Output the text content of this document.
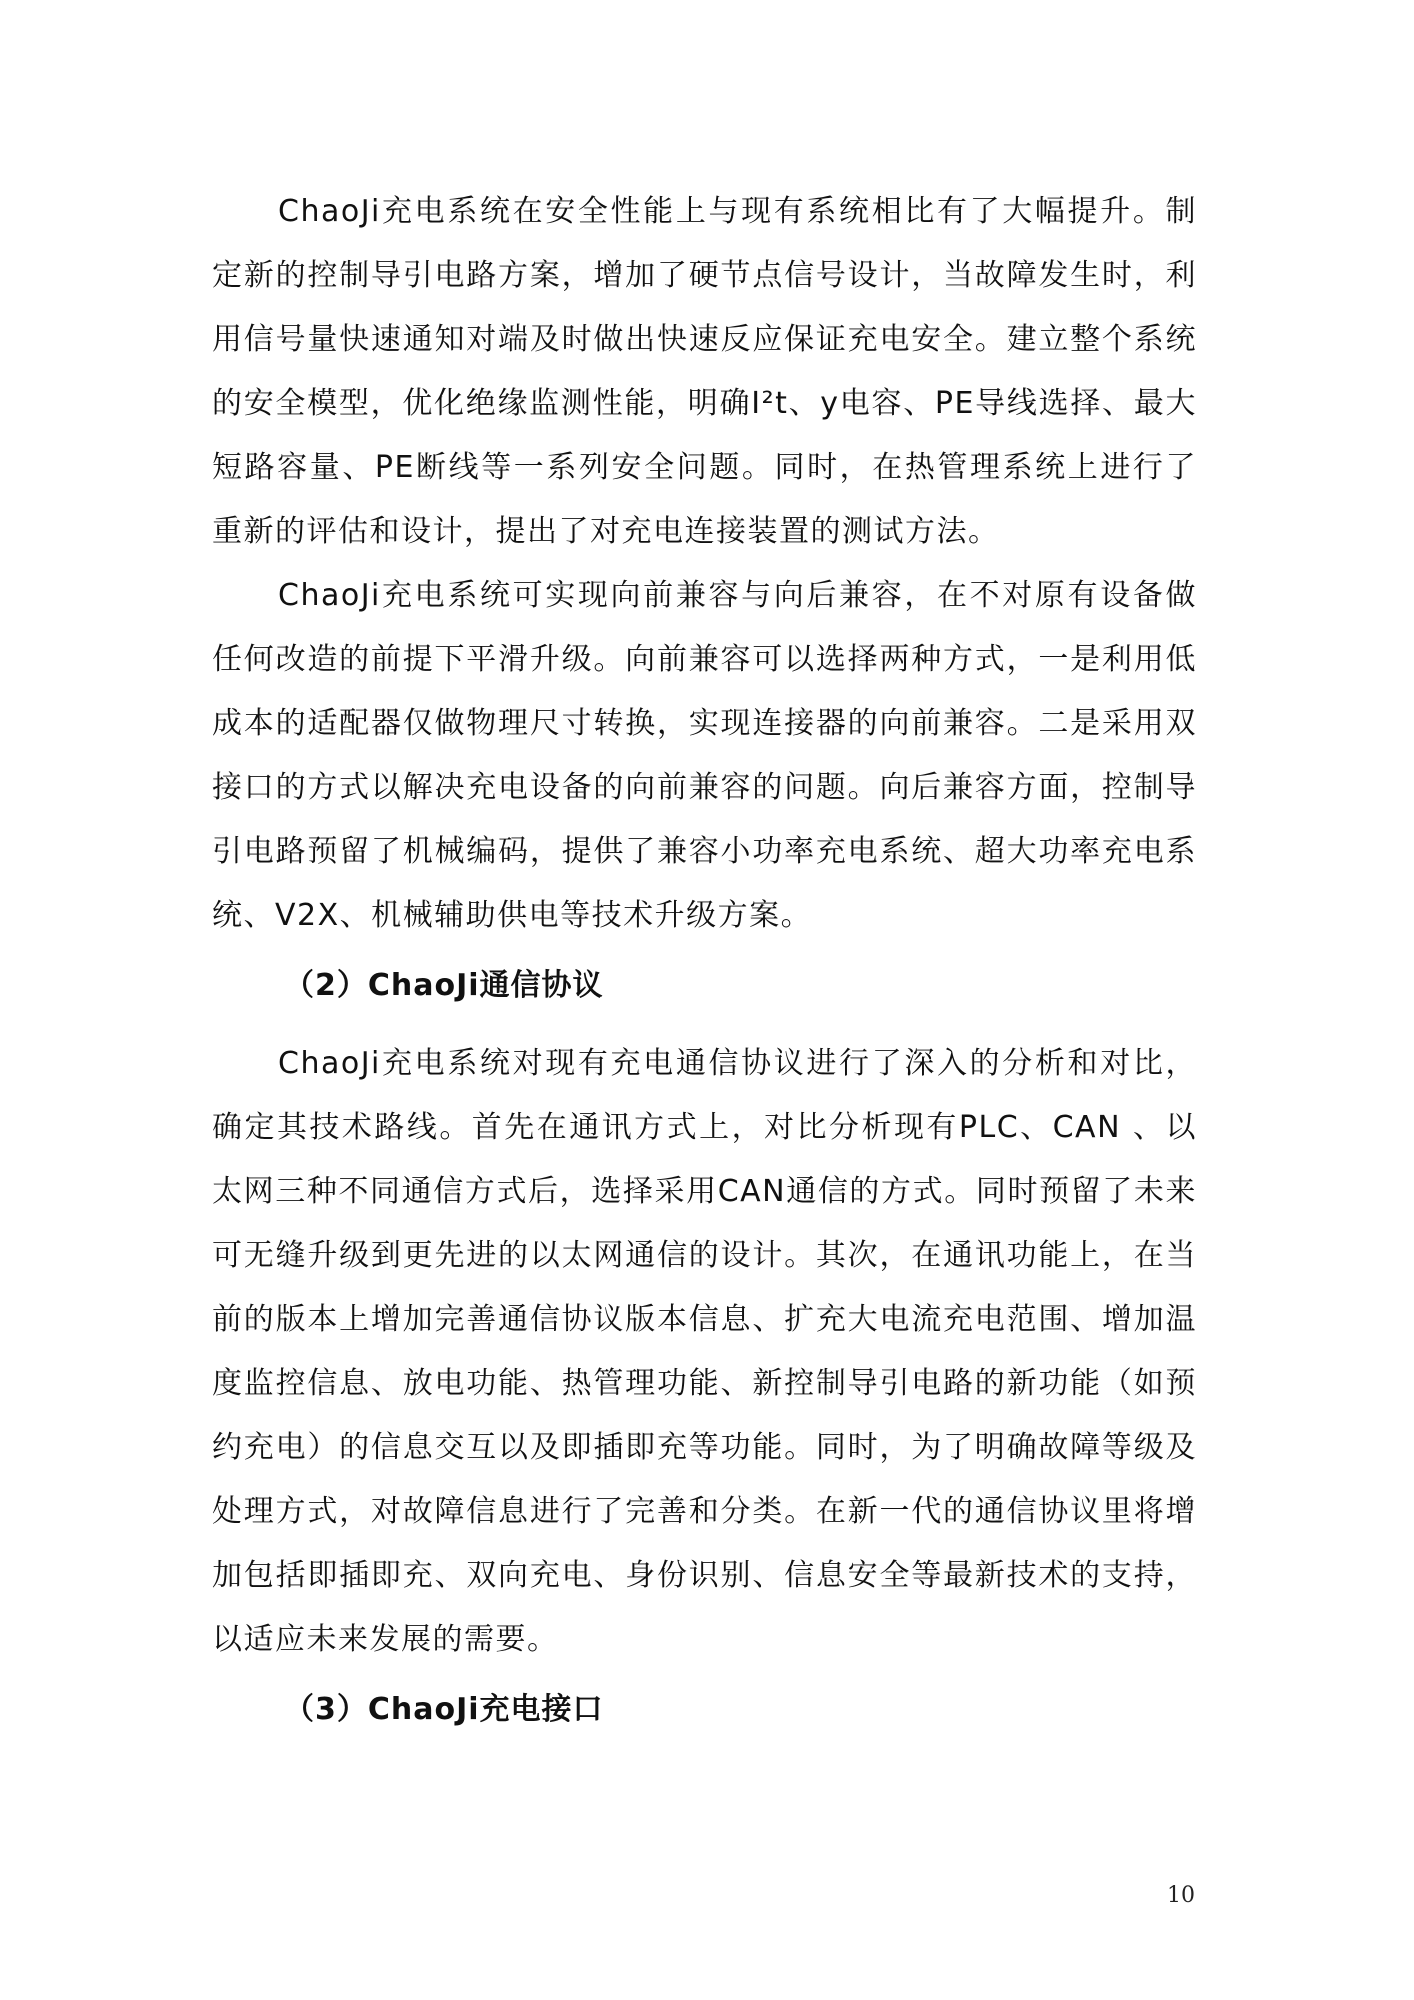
ChaoJi充电系统在安全性能上与现有系统相比有了大幅提升。制定新的控制导引电路方案，增加了硬节点信号设计，当故障发生时，利用信号量快速通知对端及时做出快速反应保证充电安全。建立整个系统的安全模型，优化绝缘监测性能，明确I²t、y电容、PE导线选择、最大短路容量、PE断线等一系列安全问题。同时，在热管理系统上进行了重新的评估和设计，提出了对充电连接装置的测试方法。

ChaoJi充电系统可实现向前兼容与向后兼容，在不对原有设备做任何改造的前提下平滑升级。向前兼容可以选择两种方式，一是利用低成本的适配器仅做物理尺寸转换，实现连接器的向前兼容。二是采用双接口的方式以解决充电设备的向前兼容的问题。向后兼容方面，控制导引电路预留了机械编码，提供了兼容小功率充电系统、超大功率充电系统、V2X、机械辅助供电等技术升级方案。

（2）ChaoJi通信协议

ChaoJi充电系统对现有充电通信协议进行了深入的分析和对比，确定其技术路线。首先在通讯方式上，对比分析现有PLC、CAN 、以太网三种不同通信方式后，选择采用CAN通信的方式。同时预留了未来可无缝升级到更先进的以太网通信的设计。其次，在通讯功能上，在当前的版本上增加完善通信协议版本信息、扩充大电流充电范围、增加温度监控信息、放电功能、热管理功能、新控制导引电路的新功能（如预约充电）的信息交互以及即插即充等功能。同时，为了明确故障等级及处理方式，对故障信息进行了完善和分类。在新一代的通信协议里将增加包括即插即充、双向充电、身份识别、信息安全等最新技术的支持，以适应未来发展的需要。

（3）ChaoJi充电接口

10
